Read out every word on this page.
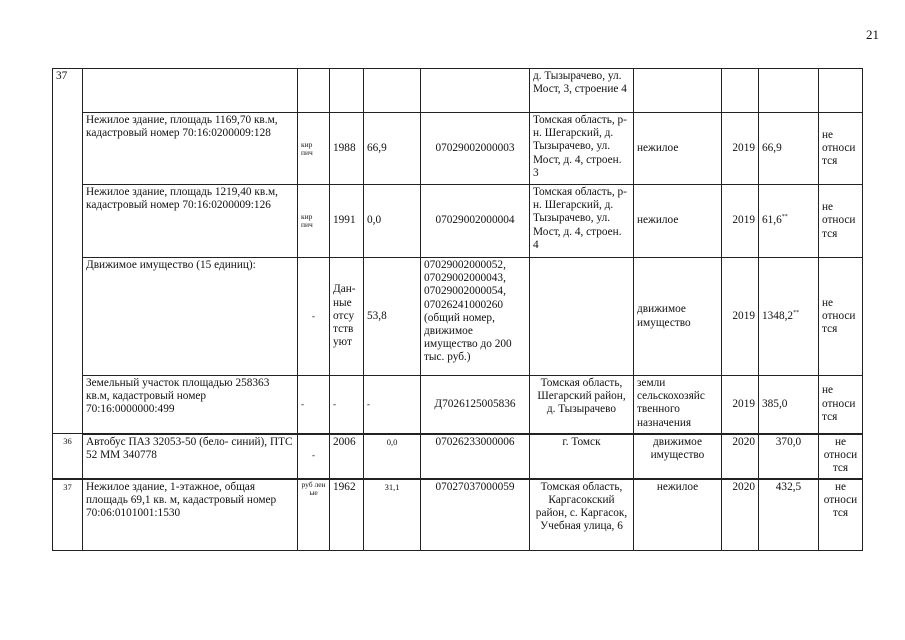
21
37						д. Тызырачево, ул. Мост, 3, строение 4				
	Нежилое здание, площадь 1169,70 кв.м, кадастровый номер 70:16:0200009:128	кир пич	1988	66,9	07029002000003	Томская область, р-н. Шегарский, д. Тызырачево, ул. Мост, д. 4, строен. 3	нежилое	2019	66,9	не относи тся
	Нежилое здание, площадь 1219,40 кв.м, кадастровый номер 70:16:0200009:126	кир пич	1991	0,0	07029002000004	Томская область, р-н. Шегарский, д. Тызырачево, ул. Мост, д. 4, строен. 4	нежилое	2019	61,6**	не относи тся
	Движимое имущество (15 единиц):	-	Дан- ные отсу тств уют	53,8	07029002000052, 07029002000043, 07029002000054, 07026241000260 (общий номер, движимое имущество до 200 тыс. руб.)		движимое имущество	2019	1348,2**	не относи тся
	Земельный участок площадью 258363 кв.м, кадастровый номер 70:16:0000000:499	-	-	-	Д7026125005836	Томская область, Шегарский район, д. Тызырачево	земли сельскохозяйс твенного назначения	2019	385,0	не относи тся
36	Автобус ПАЗ 32053-50 (бело- синий), ПТС 52 ММ 340778	-	2006	0,0	07026233000006	г. Томск	движимое имущество	2020	370,0	не относи тся
37	Нежилое здание, 1-этажное, общая площадь 69,1 кв. м, кадастровый номер 70:06:0101001:1530	руб лен ые	1962	31,1	07027037000059	Томская область, Каргасокский район, с. Каргасок, Учебная улица, 6	нежилое	2020	432,5	не относи тся
